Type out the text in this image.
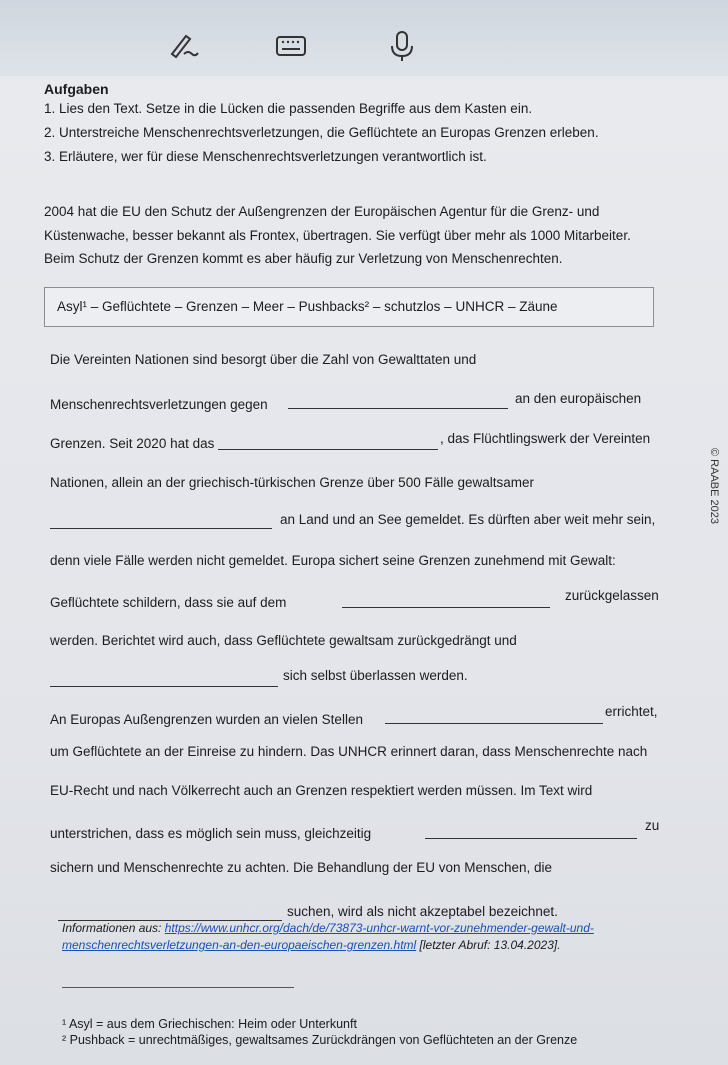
Aufgaben
1. Lies den Text. Setze in die Lücken die passenden Begriffe aus dem Kasten ein.
2. Unterstreiche Menschenrechtsverletzungen, die Geflüchtete an Europas Grenzen erleben.
3. Erläutere, wer für diese Menschenrechtsverletzungen verantwortlich ist.
2004 hat die EU den Schutz der Außengrenzen der Europäischen Agentur für die Grenz- und
Küstenwache, besser bekannt als Frontex, übertragen. Sie verfügt über mehr als 1000 Mitarbeiter.
Beim Schutz der Grenzen kommt es aber häufig zur Verletzung von Menschenrechten.
Asyl¹ – Geflüchtete – Grenzen – Meer – Pushbacks² – schutzlos – UNHCR – Zäune
Die Vereinten Nationen sind besorgt über die Zahl von Gewalttaten und
Menschenrechtsverletzungen gegen	an den europäischen
Grenzen. Seit 2020 hat das	, das Flüchtlingswerk der Vereinten
Nationen, allein an der griechisch-türkischen Grenze über 500 Fälle gewaltsamer
an Land und an See gemeldet. Es dürften aber weit mehr sein,
denn viele Fälle werden nicht gemeldet. Europa sichert seine Grenzen zunehmend mit Gewalt:
Geflüchtete schildern, dass sie auf dem	zurückgelassen
werden. Berichtet wird auch, dass Geflüchtete gewaltsam zurückgedrängt und
sich selbst überlassen werden.
An Europas Außengrenzen wurden an vielen Stellen
errichtet,
um Geflüchtete an der Einreise zu hindern. Das UNHCR erinnert daran, dass Menschenrechte nach
EU-Recht und nach Völkerrecht auch an Grenzen respektiert werden müssen. Im Text wird
unterstrichen, dass es möglich sein muss, gleichzeitig
zu
sichern und Menschenrechte zu achten. Die Behandlung der EU von Menschen, die
suchen, wird als nicht akzeptabel bezeichnet.
Informationen aus: https://www.unhcr.org/dach/de/73873-unhcr-warnt-vor-zunehmender-gewalt-und-
menschenrechtsverletzungen-an-den-europaeischen-grenzen.html [letzter Abruf: 13.04.2023].
¹ Asyl = aus dem Griechischen: Heim oder Unterkunft
² Pushback = unrechtmäßiges, gewaltsames Zurückdrängen von Geflüchteten an der Grenze
© RAABE 2023
